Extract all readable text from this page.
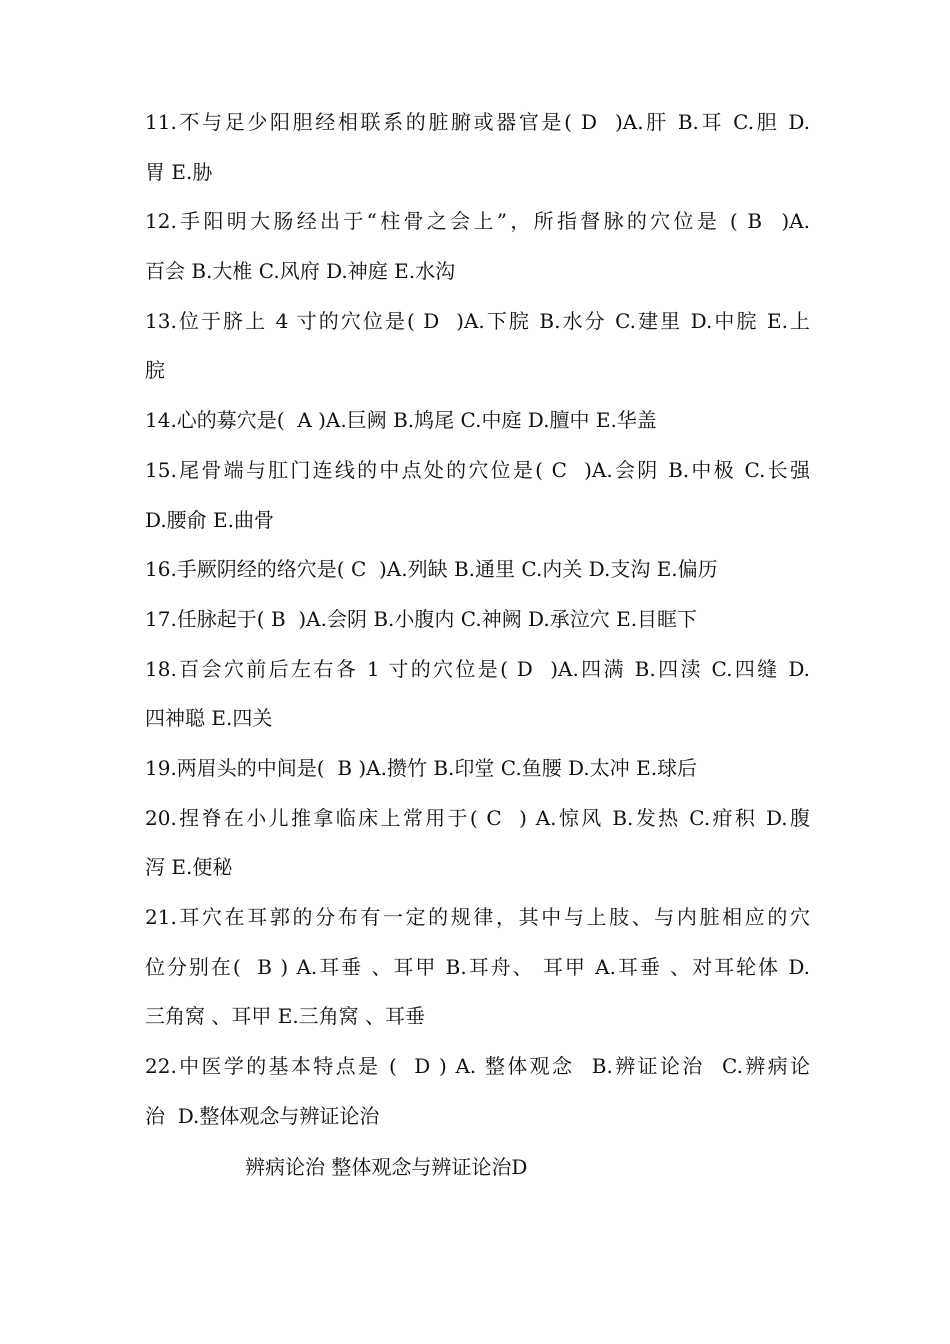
11.不与足少阳胆经相联系的脏腑或器官是( D  )A.肝 B.耳 C.胆 D.
胃 E.胁
12.手阳明大肠经出于“柱骨之会上”，所指督脉的穴位是 ( B  )A.
百会 B.大椎 C.风府 D.神庭 E.水沟
13.位于脐上 4 寸的穴位是( D  )A.下脘 B.水分 C.建里 D.中脘 E.上
脘
14.心的募穴是(  A )A.巨阙 B.鸠尾 C.中庭 D.膻中 E.华盖
15.尾骨端与肛门连线的中点处的穴位是( C  )A.会阴 B.中极 C.长强
D.腰俞 E.曲骨
16.手厥阴经的络穴是( C  )A.列缺 B.通里 C.内关 D.支沟 E.偏历
17.任脉起于( B  )A.会阴 B.小腹内 C.神阙 D.承泣穴 E.目眶下
18.百会穴前后左右各 1 寸的穴位是( D  )A.四满 B.四渎 C.四缝 D.
四神聪 E.四关
19.两眉头的中间是(  B )A.攒竹 B.印堂 C.鱼腰 D.太冲 E.球后
20.捏脊在小儿推拿临床上常用于( C  ) A.惊风 B.发热 C.疳积 D.腹
泻 E.便秘
21.耳穴在耳郭的分布有一定的规律，其中与上肢、与内脏相应的穴
位分别在(  B ) A.耳垂 、耳甲 B.耳舟、 耳甲 A.耳垂 、对耳轮体 D.
三角窝 、耳甲 E.三角窝 、耳垂
22.中医学的基本特点是 (  D ) A. 整体观念  B.辨证论治  C.辨病论
治  D.整体观念与辨证论治
辨病论治 整体观念与辨证论治D
